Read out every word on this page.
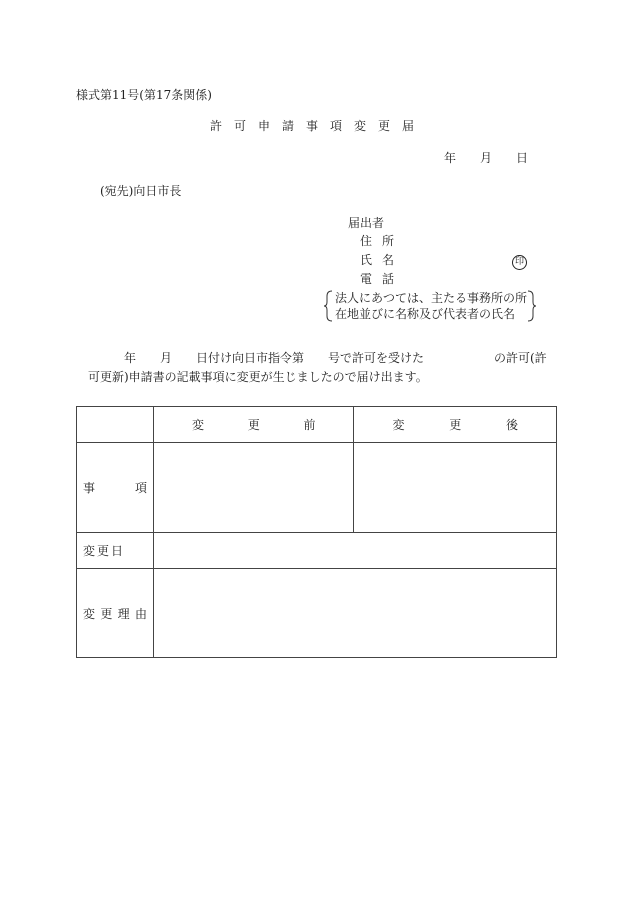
様式第11号(第17条関係)
許 可 申 請 事 項 変 更 届
年 月 日
(宛先)向日市長
届出者
住 所
氏 名	印
電 話
法人にあつては、主たる事務所の所
在地並びに名称及び代表者の氏名
年 月 日付け向日市指令第 号で許可を受けた	の許可(許
可更新)申請書の記載事項に変更が生じましたので届け出ます。

	変 更 前	変 更 後

事 項		

変 更 日		

変 更 理 由		
